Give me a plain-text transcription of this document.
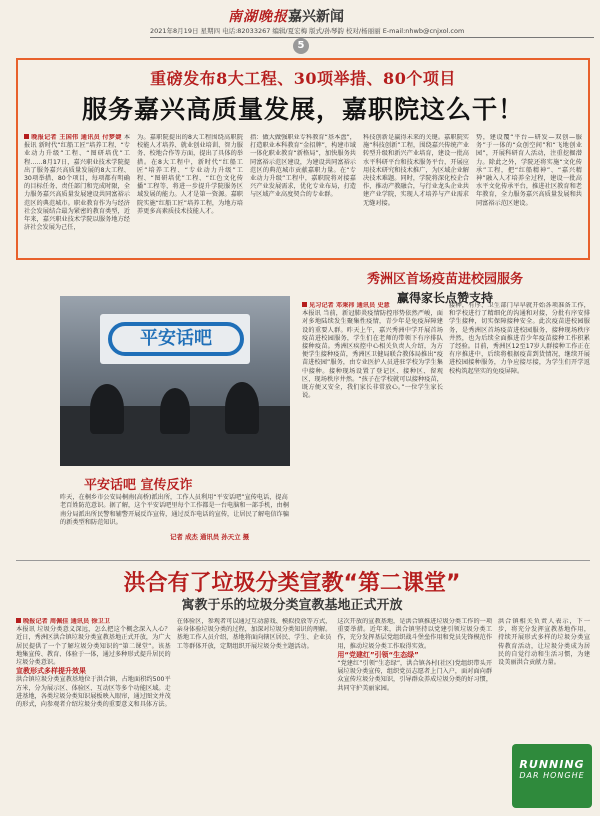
南湖晚报 嘉兴新闻
2021年8月19日 星期四 电话:82033267 编辑/夏宏梅 版式/孙琴韵 校对/杨丽丽 E-mail:nhwb@cnjxol.com
5
重磅发布8大工程、30项举措、80个项目
服务嘉兴高质量发展，嘉职院这么干！
晚报记者 王国伟 通讯员 付梦婕 本报讯 新时代“红船工匠”培养工程、“专业动力升级”工程、“图研培优”工程……8月17日，嘉兴职业技术学院提出了服务嘉兴高质量发展的8大工程、30项举措、80个项目，每项都有明确的目标任务、责任部门和完成时限，全力服务嘉兴高质量发展建设共同富裕示范区的典范城市。职业教育作为与经济社会发展结合最为紧密的教育类型，近年来，嘉兴职业技术学院以服务地方经济社会发展为己任，
为。嘉职院提出的8大工程围绕高职院校能人才培养、就业创业培训、智力服务、校地合作等方面，提出了具体的举措。在8大工程中，新时代“红船工匠”培养工程、“专业动力升级”工程、“图研培优”工程、“红色文化传播”工程等，将进一步提升学院服务区域发展的能力。人才是第一资源。嘉职院实施“红船工匠”培养工程，为地方培养更多高素质技术技能人才。
指：做大做强职业专科教育“基本盘”，打造职业本科教育“金招牌”，构建市域一体化职业教育“新格局”，加快服务共同富裕示范区建设，为建设共同富裕示范区的典范城市贡献嘉职力量。在“专业动力升级”工程中，嘉职院将对接嘉兴产业发展需求，优化专业布局，打造与区域产业高度契合的专业群。
科技创新是赢得未来的关键。嘉职院实施“科技创新”工程，围绕嘉兴传统产业转型升级和新兴产业培育，建设一批高水平科研平台和技术服务平台，开展应用技术研究和技术推广，为区域企业解决技术难题。同时，学院将深化校企合作，推动产教融合，与行业龙头企业共建产业学院，实现人才培养与产业需求无缝对接。
势，建设覆“平台—研发—双创—服务”于一体的“众创空间”和“飞地创业园”，开展科研育人活动，注重挖掘潜力。除此之外，学院还将实施“文化传承”工程，把“红船精神”、“嘉兴精神”融入人才培养全过程，建设一批高水平文化传承平台，推进社区教育和老年教育，全力服务嘉兴高质量发展和共同富裕示范区建设。
秀洲区首场疫苗进校园服务
赢得家长点赞支持
平安话吧
平安话吧 宣传反诈
昨天，在桐乡市公安局桐南(高桥)派出所，工作人员利用“平安话吧”宣传电话，提高老百姓防范意识。据了解，这个平安话吧里每个工作都是一台电脑和一部手机，由桐南分局派出所民警和辅警开展反诈宣传，通过反诈电话的宣传，让居民了解电信诈骗的新类型和防范知识。
记者 成杰 通讯员 孙天立 摄
见习记者 邓秉祎 通讯员 史意
本报讯 当前，新冠肺炎疫情防控形势依然严峻，面对多地陆续发生聚集性疫情，青少年是免疫屏障建设的重要人群。昨天上午，嘉兴秀洲中学开展首场疫苗进校园服务，学生们在老师的带领下有序排队接种疫苗。秀洲区疾控中心相关负责人介绍，为方便学生接种疫苗，秀洲区卫健局联合教体局推出“疫苗进校园”服务，由专业医护人员进驻学校为学生集中接种。接种现场设置了登记区、接种区、留观区，现场秩序井然。“孩子在学校就可以接种疫苗，既方便又安全，我们家长非常放心。”一位学生家长说。
接种，有序、卫生部门早早就开始各项准备工作，和学校进行了精细化的沟通和对接，分批有序安排学生接种，切实保障接种安全。此次疫苗进校园服务，是秀洲区首场疫苗进校园服务，接种现场秩序井然，也为后续全面推进青少年疫苗接种工作积累了经验。目前，秀洲区12至17岁人群接种工作正在有序推进中，后续将根据疫苗到货情况，继续开展进校园接种服务，力争应接尽接，为学生们开学返校构筑起坚实的免疫屏障。
洪合有了垃圾分类宣教“第二课堂”
寓教于乐的垃圾分类宣教基地正式开放
晚报记者 周佩佳 通讯员 徐卫卫
本报讯 垃圾分类意义深远，怎么把这个概念深入人心？近日，秀洲区洪合镇垃圾分类宣教基地正式开放，为广大居民提供了一个了解垃圾分类知识的“第二课堂”。该基地集宣传、教育、体验于一体，通过多种形式提升居民的垃圾分类意识。
宣教形式多样提升效果
洪合镇垃圾分类宣教基地位于洪合镇，占地面积约500平方米，分为展示区、体验区、互动区等多个功能区域。走进基地，各类垃圾分类知识展板映入眼帘，通过图文并茂的形式，向参观者介绍垃圾分类的重要意义和具体方法。
在体验区，参观者可以通过互动游戏、模拟投放等方式，亲身体验垃圾分类的过程，加深对垃圾分类知识的理解。基地工作人员介绍，基地将面向辖区居民、学生、企业员工等群体开放，定期组织开展垃圾分类主题活动。
这次开放的宣教基地，是洪合镇推进垃圾分类工作的一项重要举措。近年来，洪合镇坚持以党建引领垃圾分类工作，充分发挥基层党组织战斗堡垒作用和党员先锋模范作用，推动垃圾分类工作取得实效。
用“党建红”引领“生态绿”
“党建红”引领“生态绿”，洪合镇各村(社区)党组织带头开展垃圾分类宣传，组织党员志愿者上门入户，面对面向群众宣传垃圾分类知识，引导群众养成垃圾分类的好习惯，共同守护美丽家园。
洪合镇相关负责人表示，下一步，将充分发挥宣教基地作用，持续开展形式多样的垃圾分类宣传教育活动，让垃圾分类成为居民的自觉行动和生活习惯，为建设美丽洪合贡献力量。
RUNNING
DAR HONGHE
